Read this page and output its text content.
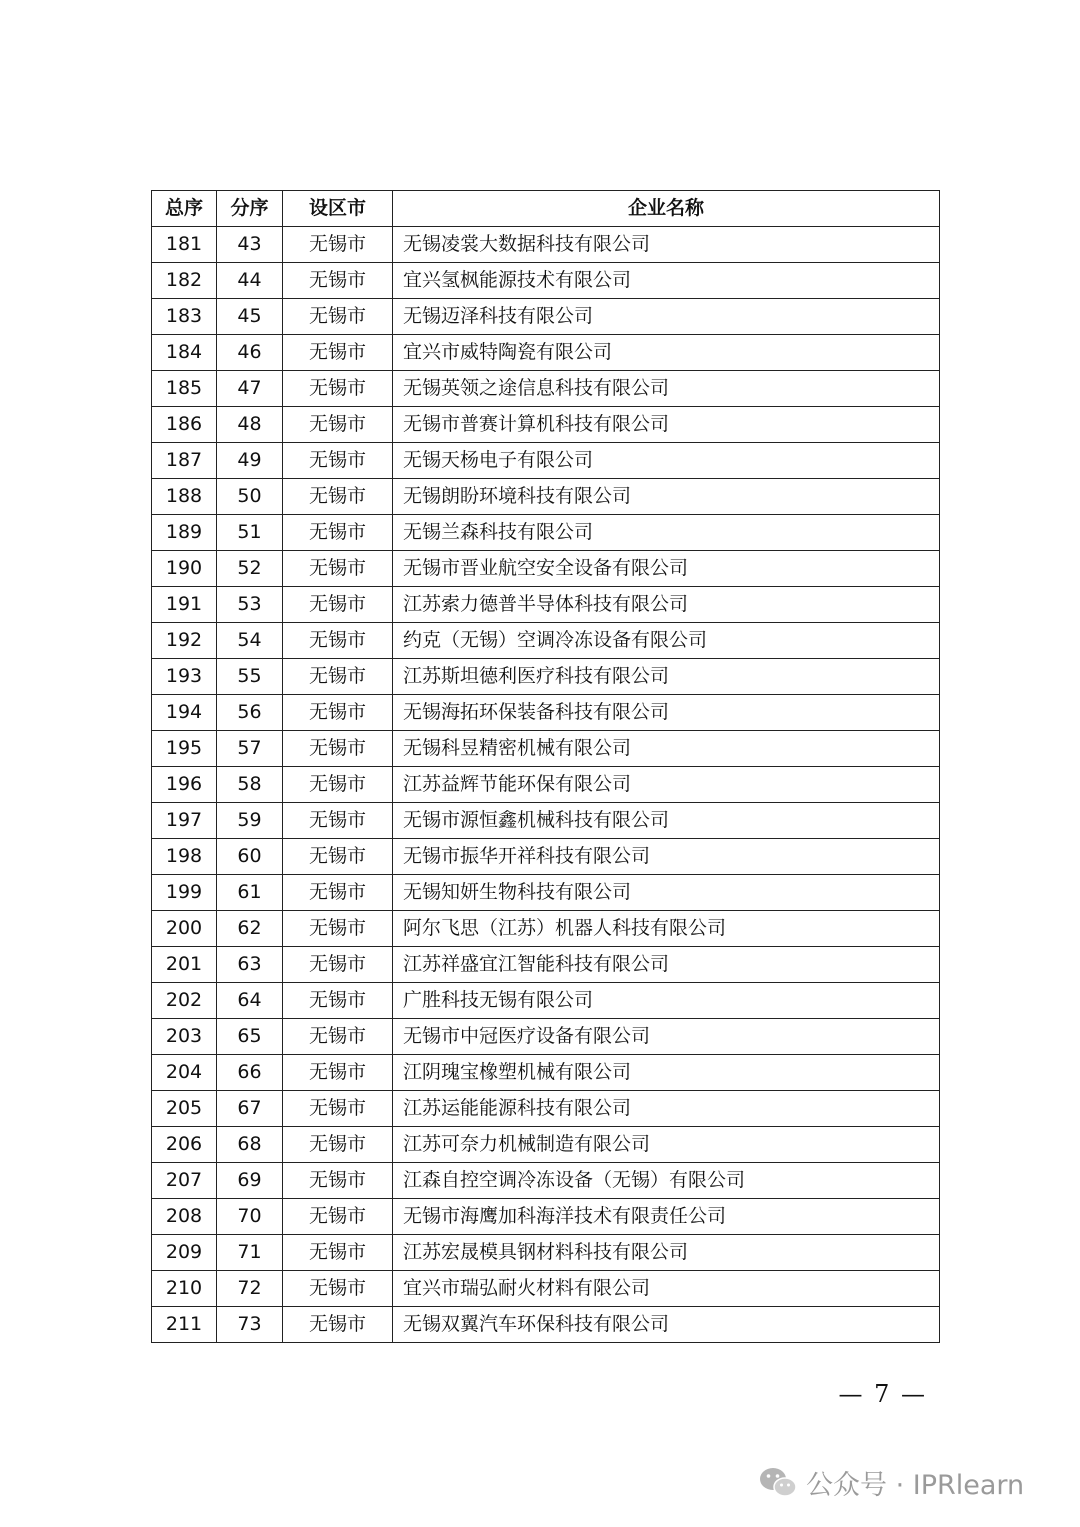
总序	分序	设区市	企业名称
181	43	无锡市	无锡凌裳大数据科技有限公司
182	44	无锡市	宜兴氢枫能源技术有限公司
183	45	无锡市	无锡迈泽科技有限公司
184	46	无锡市	宜兴市威特陶瓷有限公司
185	47	无锡市	无锡英领之途信息科技有限公司
186	48	无锡市	无锡市普赛计算机科技有限公司
187	49	无锡市	无锡天杨电子有限公司
188	50	无锡市	无锡朗盼环境科技有限公司
189	51	无锡市	无锡兰森科技有限公司
190	52	无锡市	无锡市晋业航空安全设备有限公司
191	53	无锡市	江苏索力德普半导体科技有限公司
192	54	无锡市	约克（无锡）空调冷冻设备有限公司
193	55	无锡市	江苏斯坦德利医疗科技有限公司
194	56	无锡市	无锡海拓环保装备科技有限公司
195	57	无锡市	无锡科昱精密机械有限公司
196	58	无锡市	江苏益辉节能环保有限公司
197	59	无锡市	无锡市源恒鑫机械科技有限公司
198	60	无锡市	无锡市振华开祥科技有限公司
199	61	无锡市	无锡知妍生物科技有限公司
200	62	无锡市	阿尔飞思（江苏）机器人科技有限公司
201	63	无锡市	江苏祥盛宜江智能科技有限公司
202	64	无锡市	广胜科技无锡有限公司
203	65	无锡市	无锡市中冠医疗设备有限公司
204	66	无锡市	江阴瑰宝橡塑机械有限公司
205	67	无锡市	江苏运能能源科技有限公司
206	68	无锡市	江苏可奈力机械制造有限公司
207	69	无锡市	江森自控空调冷冻设备（无锡）有限公司
208	70	无锡市	无锡市海鹰加科海洋技术有限责任公司
209	71	无锡市	江苏宏晟模具钢材料科技有限公司
210	72	无锡市	宜兴市瑞弘耐火材料有限公司
211	73	无锡市	无锡双翼汽车环保科技有限公司
— 7 —
公众号 · IPRlearn
